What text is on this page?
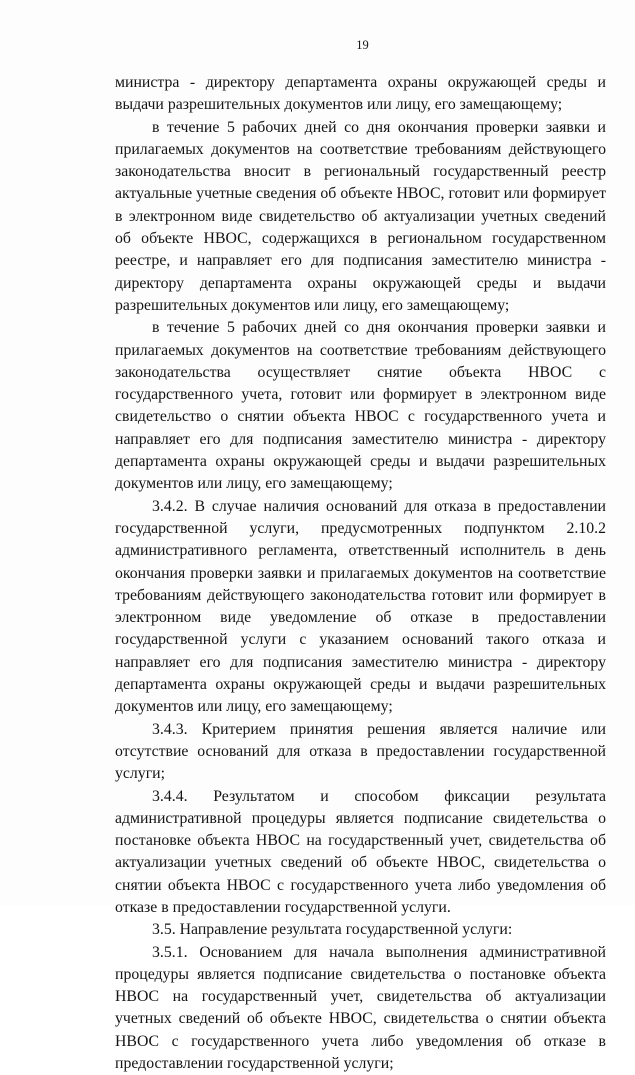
19

министра - директору департамента охраны окружающей среды и выдачи разрешительных документов или лицу, его замещающему;

в течение 5 рабочих дней со дня окончания проверки заявки и прилагаемых документов на соответствие требованиям действующего законодательства вносит в региональный государственный реестр актуальные учетные сведения об объекте НВОС, готовит или формирует в электронном виде свидетельство об актуализации учетных сведений об объекте НВОС, содержащихся в региональном государственном реестре, и направляет его для подписания заместителю министра - директору департамента охраны окружающей среды и выдачи разрешительных документов или лицу, его замещающему;

в течение 5 рабочих дней со дня окончания проверки заявки и прилагаемых документов на соответствие требованиям действующего законодательства осуществляет снятие объекта НВОС с государственного учета, готовит или формирует в электронном виде свидетельство о снятии объекта НВОС с государственного учета и направляет его для подписания заместителю министра - директору департамента охраны окружающей среды и выдачи разрешительных документов или лицу, его замещающему;

3.4.2. В случае наличия оснований для отказа в предоставлении государственной услуги, предусмотренных подпунктом 2.10.2 административного регламента, ответственный исполнитель в день окончания проверки заявки и прилагаемых документов на соответствие требованиям действующего законодательства готовит или формирует в электронном виде уведомление об отказе в предоставлении государственной услуги с указанием оснований такого отказа и направляет его для подписания заместителю министра - директору департамента охраны окружающей среды и выдачи разрешительных документов или лицу, его замещающему;

3.4.3. Критерием принятия решения является наличие или отсутствие оснований для отказа в предоставлении государственной услуги;

3.4.4. Результатом и способом фиксации результата административной процедуры является подписание свидетельства о постановке объекта НВОС на государственный учет, свидетельства об актуализации учетных сведений об объекте НВОС, свидетельства о снятии объекта НВОС с государственного учета либо уведомления об отказе в предоставлении государственной услуги.

3.5. Направление результата государственной услуги:

3.5.1. Основанием для начала выполнения административной процедуры является подписание свидетельства о постановке объекта НВОС на государственный учет, свидетельства об актуализации учетных сведений об объекте НВОС, свидетельства о снятии объекта НВОС с государственного учета либо уведомления об отказе в предоставлении государственной услуги;
